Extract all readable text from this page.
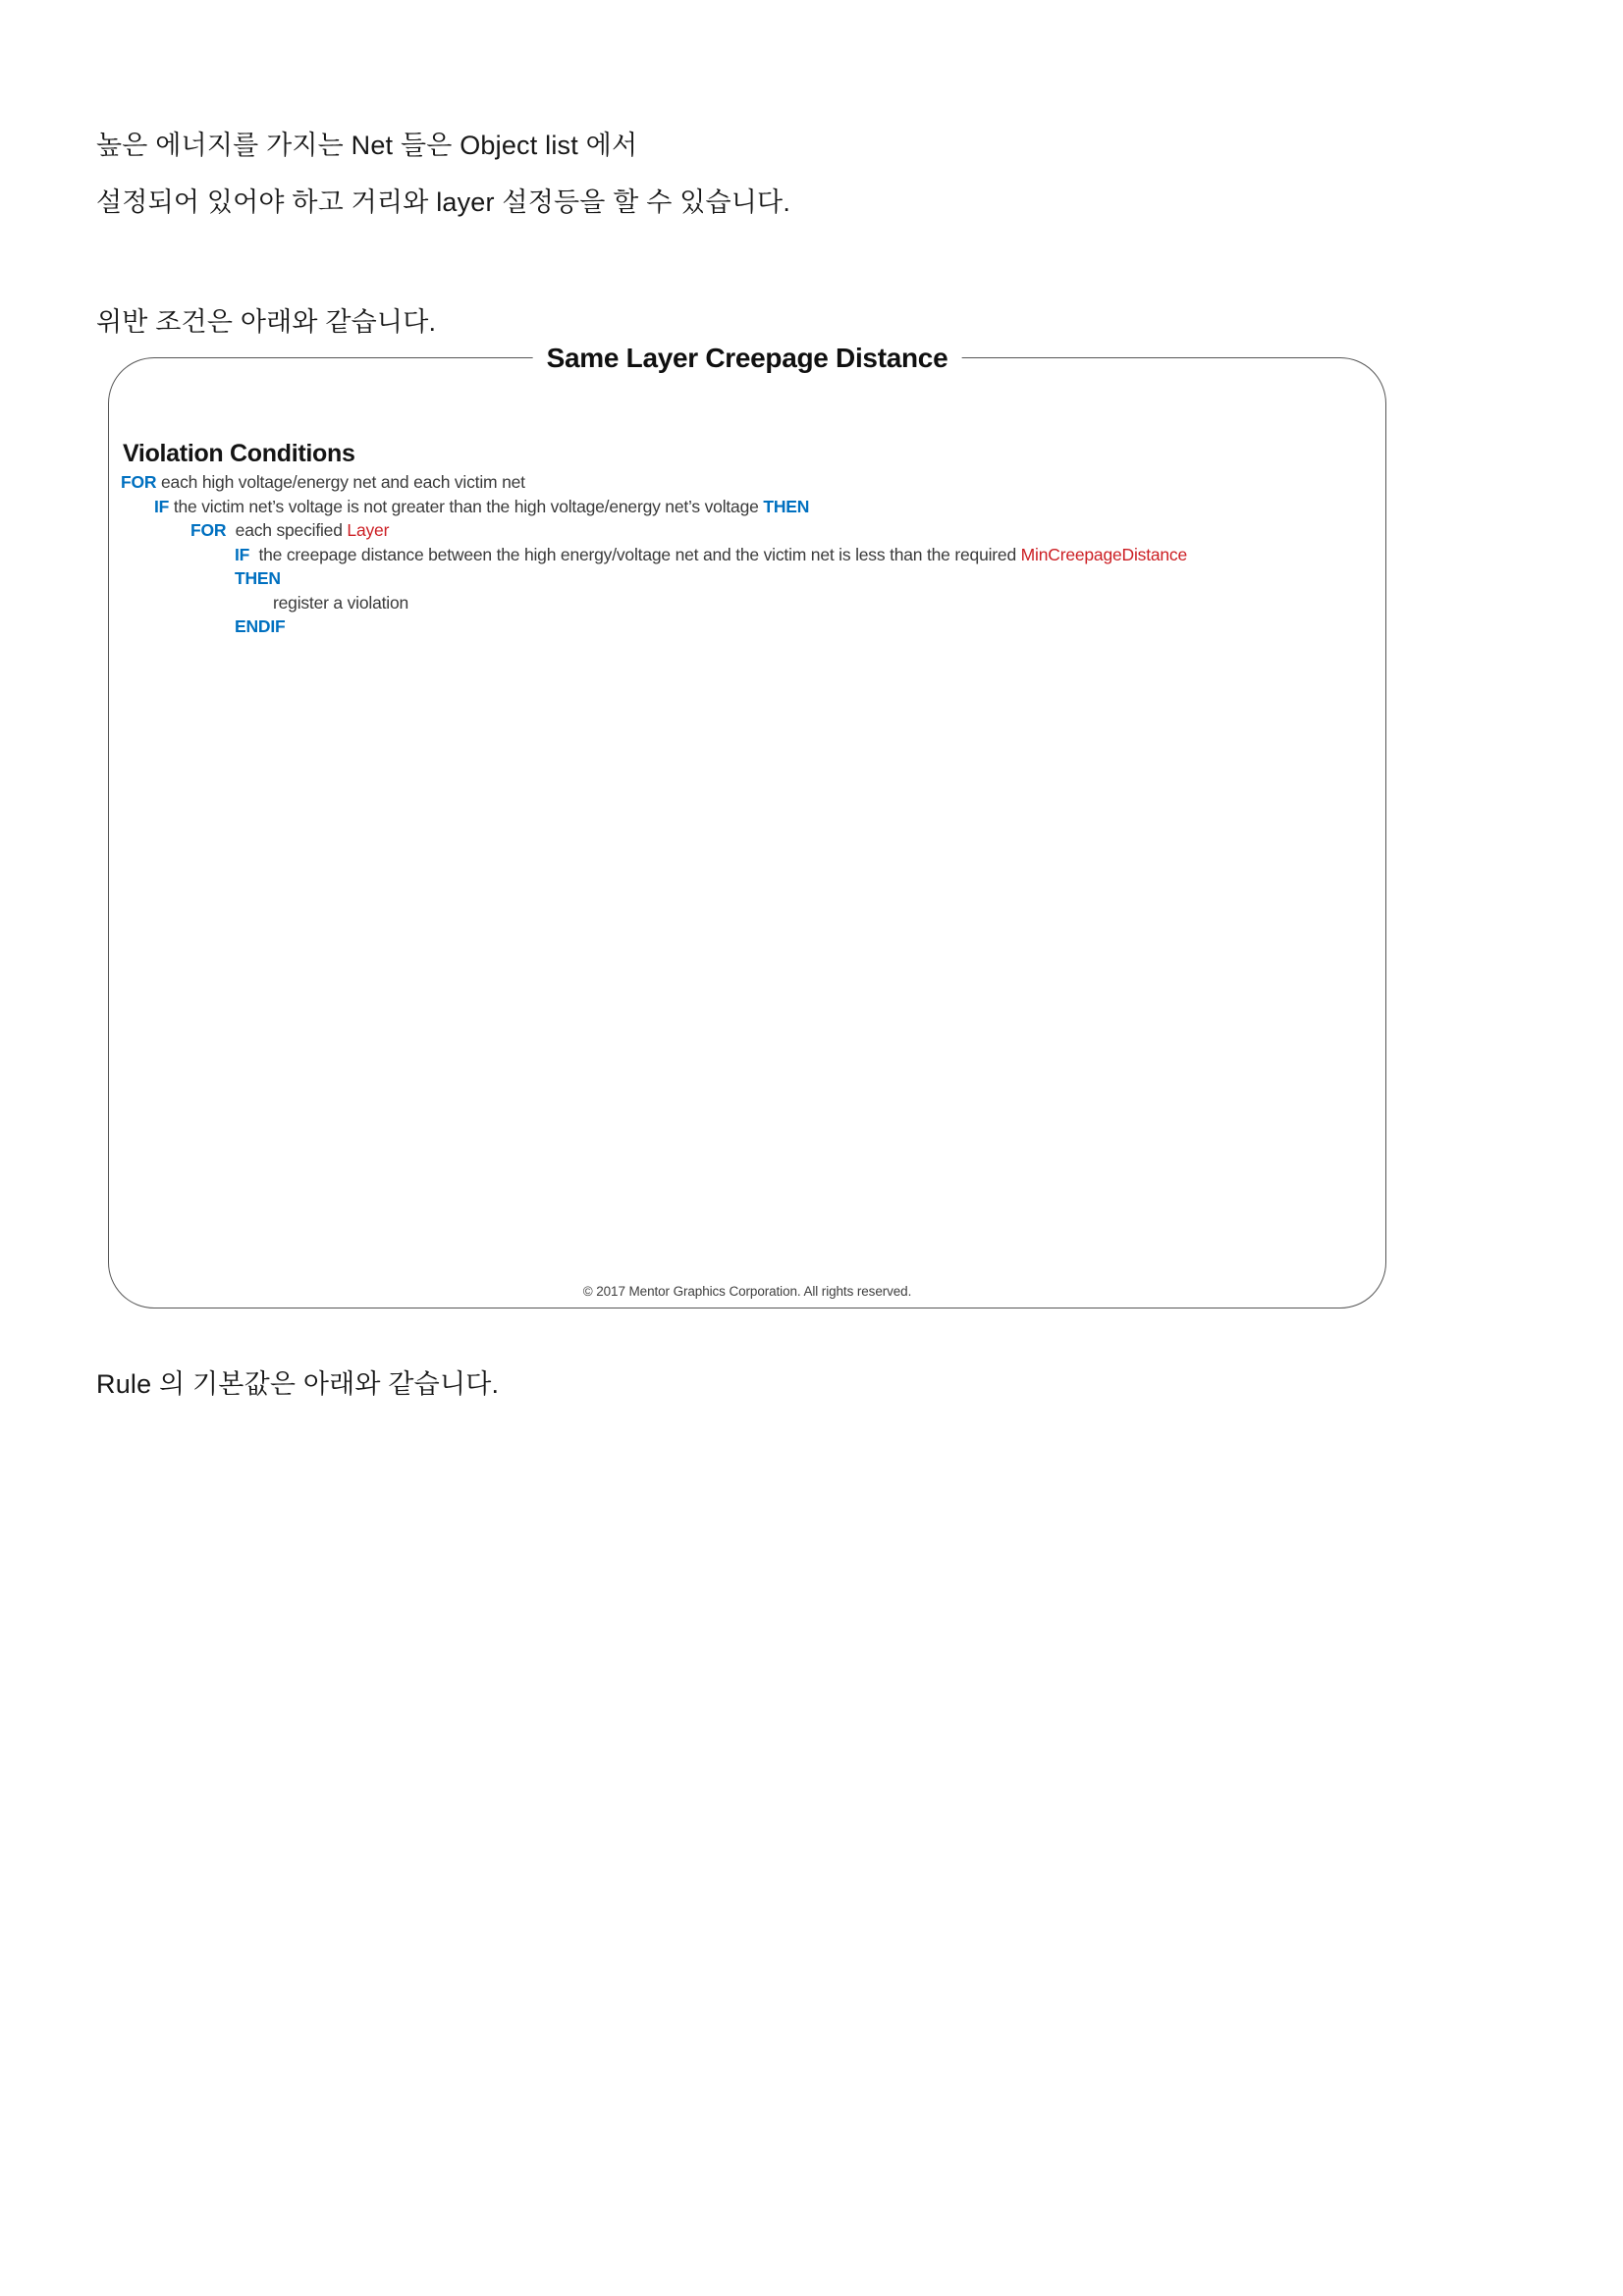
높은 에너지를 가지는 Net 들은 Object list 에서

설정되어 있어야 하고 거리와 layer 설정등을 할 수 있습니다.

위반 조건은 아래와 같습니다.

Same Layer Creepage Distance
Violation Conditions
FOR each high voltage/energy net and each victim net
IF the victim net’s voltage is not greater than the high voltage/energy net’s voltage THEN
FOR  each specified Layer
IF  the creepage distance between the high energy/voltage net and the victim net is less than the required MinCreepageDistance
THEN
register a violation
ENDIF
© 2017 Mentor Graphics Corporation. All rights reserved.

Rule 의 기본값은 아래와 같습니다.
